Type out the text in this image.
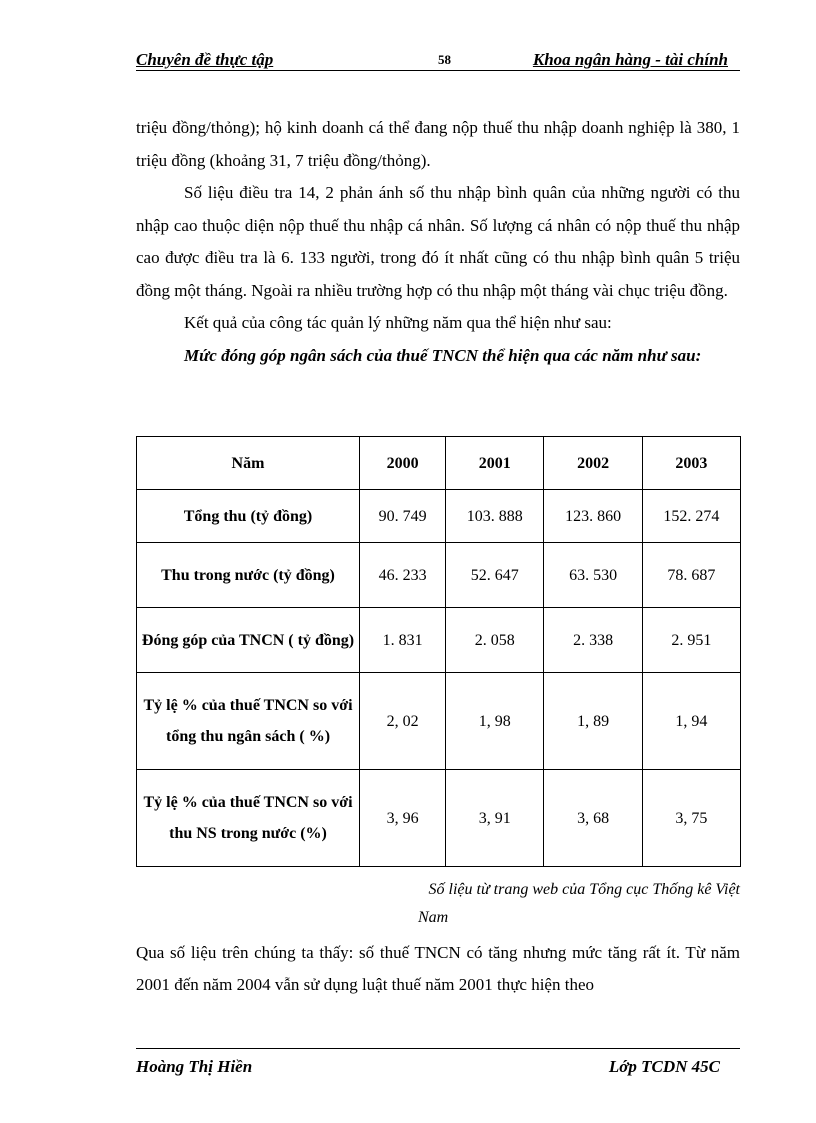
Chuyên đề thực tập	58	Khoa ngân hàng - tài chính

triệu đồng/thỏng); hộ kinh doanh cá thể đang nộp thuế thu nhập doanh nghiệp là 380, 1 triệu đồng (khoảng 31, 7 triệu đồng/thỏng).

Số liệu điều tra 14, 2 phản ánh số thu nhập bình quân của những người có thu nhập cao thuộc diện nộp thuế thu nhập cá nhân. Số lượng cá nhân có nộp thuế thu nhập cao được điều tra là 6. 133 người, trong đó ít nhất cũng có thu nhập bình quân 5 triệu đồng một tháng. Ngoài ra nhiều trường hợp có thu nhập một tháng vài chục triệu đồng.

Kết quả của công tác quản lý những năm qua thể hiện như sau:

Mức đóng góp ngân sách của thuế TNCN thể hiện qua các năm như sau:

Năm	2000	2001	2002	2003
Tổng thu (tỷ đồng)	90. 749	103. 888	123. 860	152. 274
Thu trong nước (tỷ đồng)	46. 233	52. 647	63. 530	78. 687
Đóng góp của TNCN ( tỷ đồng)	1. 831	2. 058	2. 338	2. 951
Tỷ lệ % của thuế TNCN so với tổng thu ngân sách ( %)	2, 02	1, 98	1, 89	1, 94
Tỷ lệ % của thuế TNCN so với thu NS trong nước (%)	3, 96	3, 91	3, 68	3, 75
Số liệu từ trang web của Tổng cục Thống kê Việt
Nam

Qua số liệu trên chúng ta thấy: số thuế TNCN có tăng nhưng mức tăng rất ít. Từ năm 2001 đến năm 2004 vẫn sử dụng luật thuế năm 2001 thực hiện theo

Hoàng Thị Hiền	Lớp TCDN 45C
